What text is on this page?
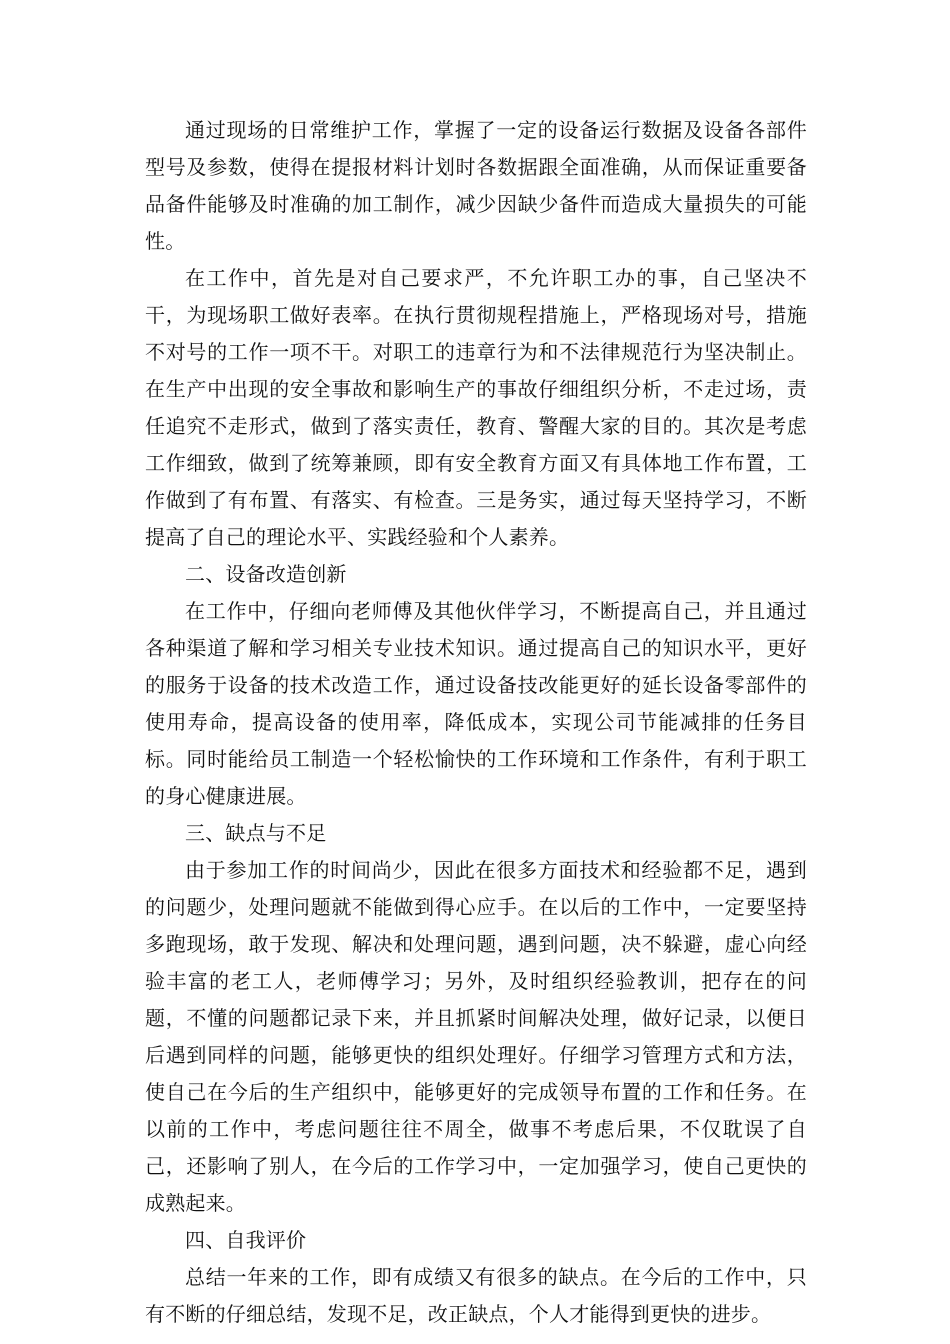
通过现场的日常维护工作，掌握了一定的设备运行数据及设备各部件型号及参数，使得在提报材料计划时各数据跟全面准确，从而保证重要备品备件能够及时准确的加工制作，减少因缺少备件而造成大量损失的可能性。

在工作中，首先是对自己要求严，不允许职工办的事，自己坚决不干，为现场职工做好表率。在执行贯彻规程措施上，严格现场对号，措施不对号的工作一项不干。对职工的违章行为和不法律规范行为坚决制止。在生产中出现的安全事故和影响生产的事故仔细组织分析，不走过场，责任追究不走形式，做到了落实责任，教育、警醒大家的目的。其次是考虑工作细致，做到了统筹兼顾，即有安全教育方面又有具体地工作布置，工作做到了有布置、有落实、有检查。三是务实，通过每天坚持学习，不断提高了自己的理论水平、实践经验和个人素养。

二、设备改造创新

在工作中，仔细向老师傅及其他伙伴学习，不断提高自己，并且通过各种渠道了解和学习相关专业技术知识。通过提高自己的知识水平，更好的服务于设备的技术改造工作，通过设备技改能更好的延长设备零部件的使用寿命，提高设备的使用率，降低成本，实现公司节能减排的任务目标。同时能给员工制造一个轻松愉快的工作环境和工作条件，有利于职工的身心健康进展。

三、缺点与不足

由于参加工作的时间尚少，因此在很多方面技术和经验都不足，遇到的问题少，处理问题就不能做到得心应手。在以后的工作中，一定要坚持多跑现场，敢于发现、解决和处理问题，遇到问题，决不躲避，虚心向经验丰富的老工人，老师傅学习；另外，及时组织经验教训，把存在的问题，不懂的问题都记录下来，并且抓紧时间解决处理，做好记录，以便日后遇到同样的问题，能够更快的组织处理好。仔细学习管理方式和方法，使自己在今后的生产组织中，能够更好的完成领导布置的工作和任务。在以前的工作中，考虑问题往往不周全，做事不考虑后果，不仅耽误了自己，还影响了别人，在今后的工作学习中，一定加强学习，使自己更快的成熟起来。

四、自我评价

总结一年来的工作，即有成绩又有很多的缺点。在今后的工作中，只有不断的仔细总结，发现不足，改正缺点，个人才能得到更快的进步。
